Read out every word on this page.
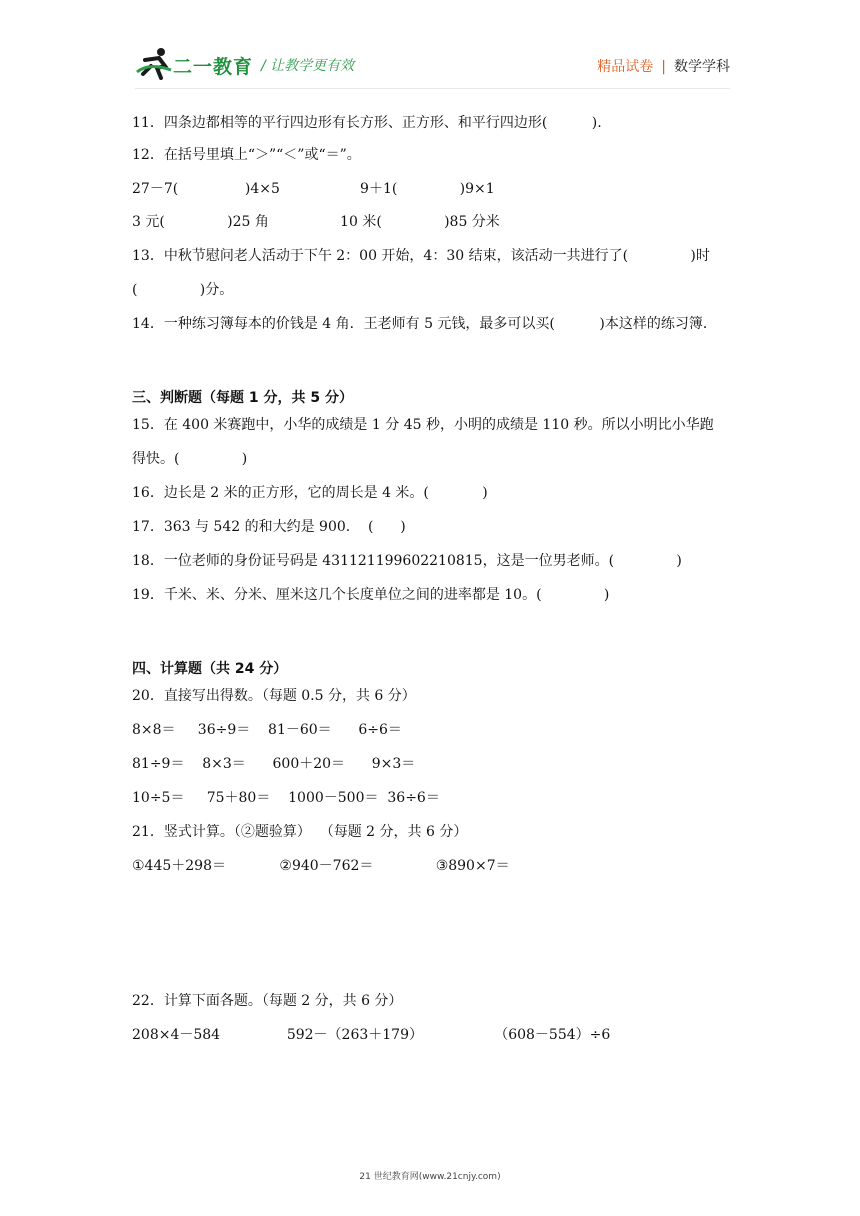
二一教育 / 让教学更有效	精品试卷 | 数学学科
11．四条边都相等的平行四边形有长方形、正方形、和平行四边形(          ).
12．在括号里填上“＞”“＜”或“＝”。
27－7(               )4×5                  9＋1(              )9×1
3 元(              )25 角                10 米(              )85 分米
13．中秋节慰问老人活动于下午 2：00 开始，4：30 结束，该活动一共进行了(              )时
(              )分。
14．一种练习簿每本的价钱是 4 角．王老师有 5 元钱，最多可以买(          )本这样的练习簿．
三、判断题（每题 1 分，共 5 分）
15．在 400 米赛跑中，小华的成绩是 1 分 45 秒，小明的成绩是 110 秒。所以小明比小华跑
得快。(              )
16．边长是 2 米的正方形，它的周长是 4 米。(            )
17．363 与 542 的和大约是 900.    (      )
18．一位老师的身份证号码是 431121199602210815，这是一位男老师。(              )
19．千米、米、分米、厘米这几个长度单位之间的进率都是 10。(              )
四、计算题（共 24 分）
20．直接写出得数。（每题 0.5 分，共 6 分）
8×8＝     36÷9＝    81－60＝      6÷6＝
81÷9＝    8×3＝      600＋20＝      9×3＝
10÷5＝     75＋80＝    1000－500＝  36÷6＝
21．竖式计算。（②题验算）  （每题 2 分，共 6 分）
①445＋298＝            ②940－762＝              ③890×7＝
22．计算下面各题。（每题 2 分，共 6 分）
208×4－584               592－（263＋179）                （608－554）÷6
21 世纪教育网(www.21cnjy.com)
